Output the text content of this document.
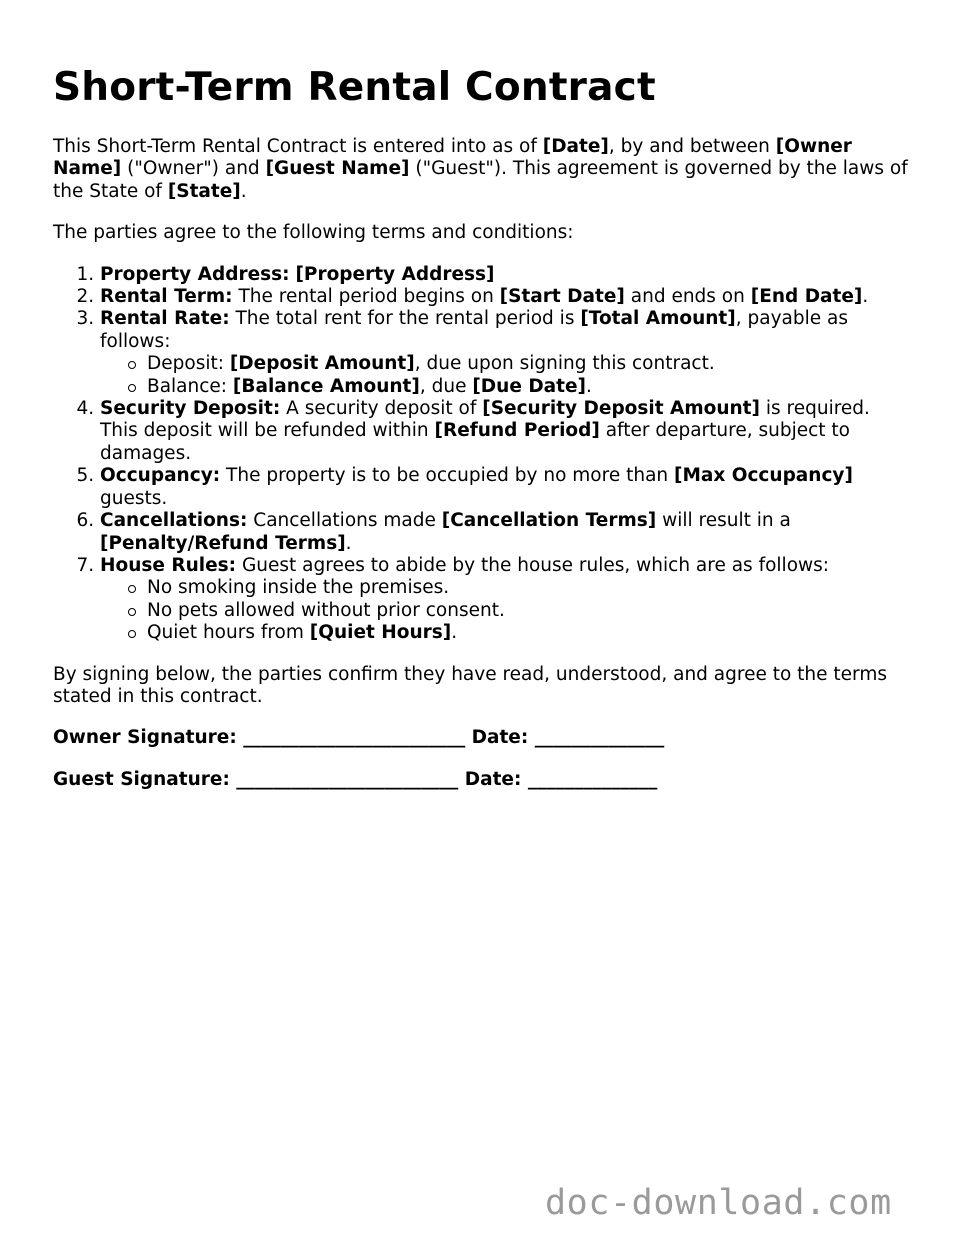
Short-Term Rental Contract

This Short-Term Rental Contract is entered into as of [Date], by and between [Owner Name] ("Owner") and [Guest Name] ("Guest"). This agreement is governed by the laws of the State of [State].

The parties agree to the following terms and conditions:

1. Property Address: [Property Address]
2. Rental Term: The rental period begins on [Start Date] and ends on [End Date].
3. Rental Rate: The total rent for the rental period is [Total Amount], payable as follows:
Deposit: [Deposit Amount], due upon signing this contract.
Balance: [Balance Amount], due [Due Date].
4. Security Deposit: A security deposit of [Security Deposit Amount] is required. This deposit will be refunded within [Refund Period] after departure, subject to damages.
5. Occupancy: The property is to be occupied by no more than [Max Occupancy] guests.
6. Cancellations: Cancellations made [Cancellation Terms] will result in a [Penalty/Refund Terms].
7. House Rules: Guest agrees to abide by the house rules, which are as follows:
No smoking inside the premises.
No pets allowed without prior consent.
Quiet hours from [Quiet Hours].

By signing below, the parties confirm they have read, understood, and agree to the terms stated in this contract.

Owner Signature: ________________________ Date: ______________
Guest Signature: ________________________ Date: ______________
doc-download.com
